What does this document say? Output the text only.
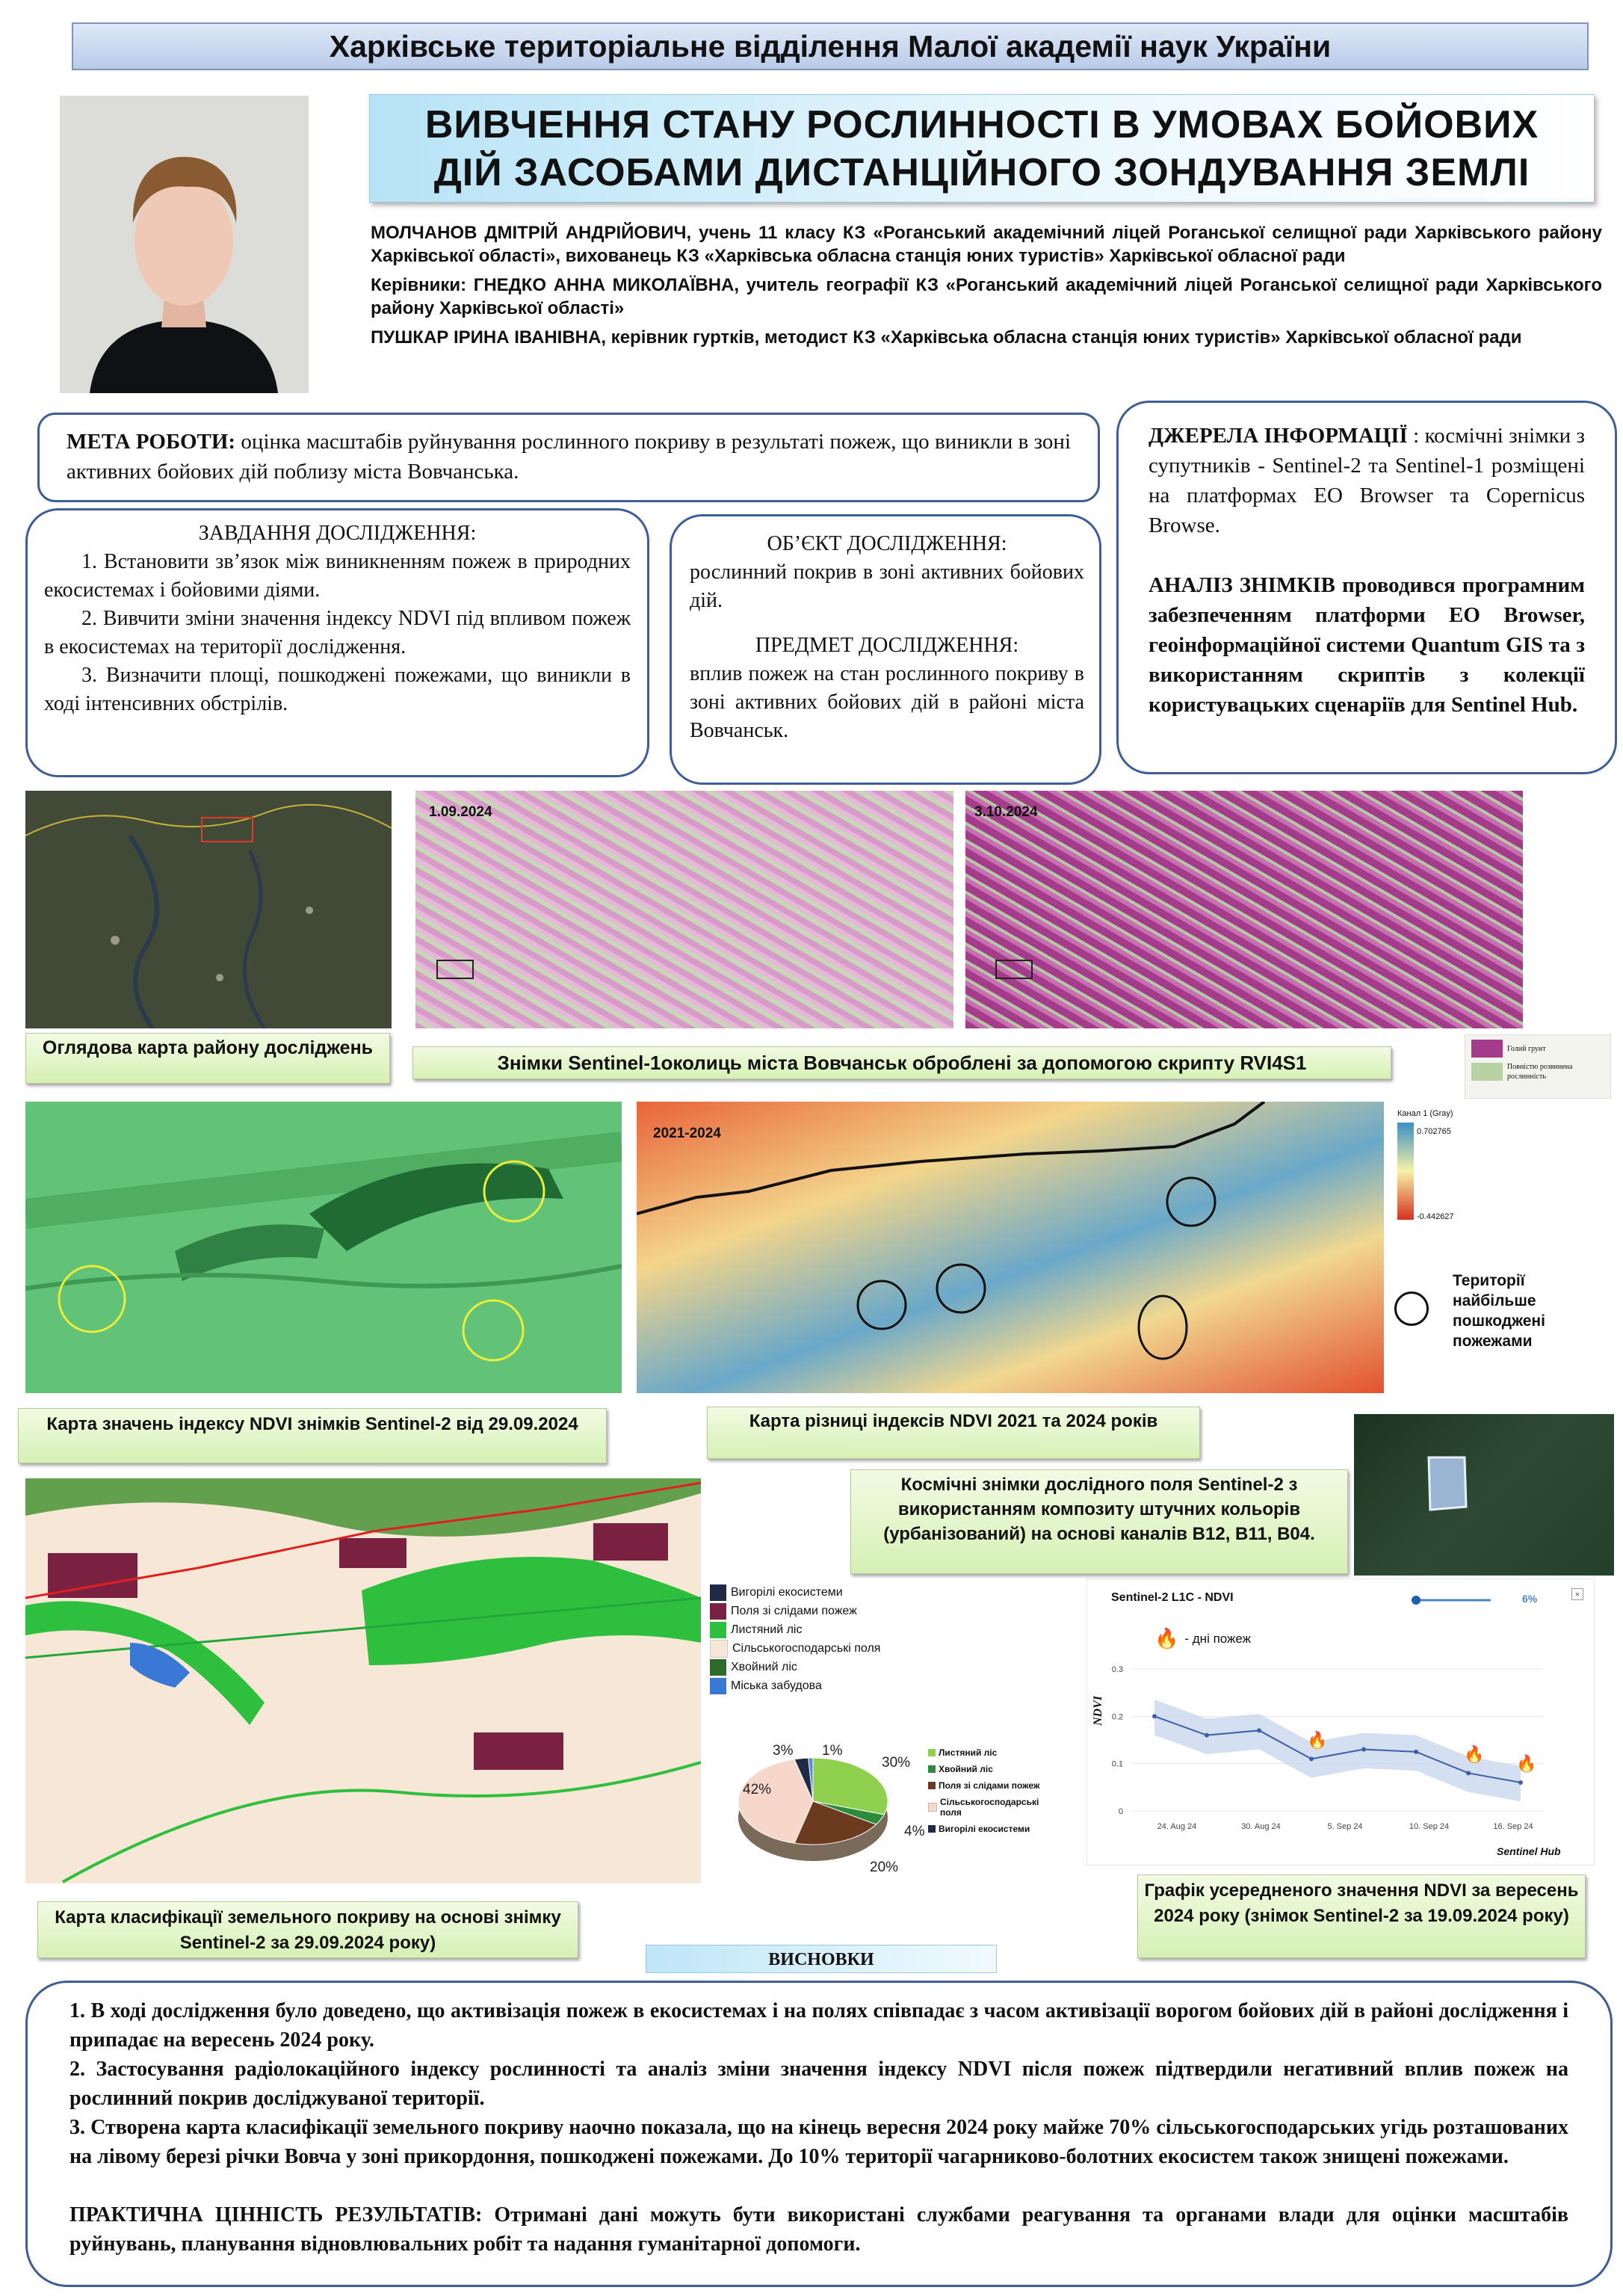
Харківське територіальне відділення Малої академії наук України
ВИВЧЕННЯ СТАНУ РОСЛИННОСТІ В УМОВАХ БОЙОВИХ
ДІЙ ЗАСОБАМИ ДИСТАНЦІЙНОГО ЗОНДУВАННЯ ЗЕМЛІ
МОЛЧАНОВ ДМІТРІЙ АНДРІЙОВИЧ, учень 11 класу КЗ «Роганський академічний ліцей Роганської селищної ради Харківського району Харківської області», вихованець КЗ «Харківська обласна станція юних туристів» Харківської обласної ради
Керівники: ГНЕДКО АННА МИКОЛАЇВНА, учитель географії КЗ «Роганський академічний ліцей Роганської селищної ради Харківського району Харківської області»
ПУШКАР ІРИНА ІВАНІВНА, керівник гуртків, методист КЗ «Харківська обласна станція юних туристів» Харківської обласної ради
МЕТА РОБОТИ: оцінка масштабів руйнування рослинного покриву в результаті пожеж, що виникли в зоні активних бойових дій поблизу міста Вовчанська.
ДЖЕРЕЛА ІНФОРМАЦІЇ : космічні знімки з супутників - Sentinel-2 та Sentinel-1 розміщені на платформах EO Browser та Copernicus Browse.
АНАЛІЗ ЗНІМКІВ проводився програмним забезпеченням платформи EO Browser, геоінформаційної системи Quantum GIS та з використанням скриптів з колекції користувацьких сценаріїв для Sentinel Hub.
ЗАВДАННЯ ДОСЛІДЖЕННЯ:
1. Встановити зв’язок між виникненням пожеж в природних екосистемах і бойовими діями.
2. Вивчити зміни значення індексу NDVI під впливом пожеж в екосистемах на території дослідження.
3. Визначити площі, пошкоджені пожежами, що виникли в ході інтенсивних обстрілів.
ОБ’ЄКТ ДОСЛІДЖЕННЯ:
рослинний покрив в зоні активних бойових дій.
ПРЕДМЕТ ДОСЛІДЖЕННЯ:
вплив пожеж на стан рослинного покриву в зоні активних бойових дій в районі міста Вовчанськ.
1.09.2024	3.10.2024
Оглядова карта району досліджень
Знімки Sentinel-1околиць міста Вовчанськ оброблені за допомогою скрипту RVI4S1
Голий грунт
Повністю розвинена рослинність
2021-2024
Канал 1 (Gray)
0.702765
-0.442627
Території найбільше пошкоджені пожежами
Карта значень індексу NDVI знімків Sentinel-2 від 29.09.2024	Карта різниці індексів NDVI 2021 та 2024 років
Космічні знімки дослідного поля Sentinel-2 з використанням композиту штучних кольорів (урбанізований) на основі каналів B12, B11, B04.
Вигорілі екосистеми
Поля зі слідами пожеж
Листяний ліс
Сільськогосподарські поля
Хвойний ліс
Міська забудова
3% 1%
30%
42%
4%
20%
Листяний ліс
Хвойний ліс
Поля зі слідами пожеж
Сільськогосподарські поля
Вигорілі екосистеми
0.3
0.2
0.1
0
🔥
🔥
🔥
24. Aug 24	30. Aug 24	5. Sep 24	10. Sep 24	16. Sep 24
Sentinel-2 L1C - NDVI	6%	×
🔥 - дні пожеж
NDVI
Sentinel Hub
Карта класифікації земельного покриву на основі знімку Sentinel-2 за 29.09.2024 року)
Графік усередненого значення NDVI за вересень 2024 року (знімок Sentinel-2 за 19.09.2024 року)
ВИСНОВКИ
1. В ході дослідження було доведено, що активізація пожеж в екосистемах і на полях співпадає з часом активізації ворогом бойових дій в районі дослідження і припадає на вересень 2024 року.
2. Застосування радіолокаційного індексу рослинності та аналіз зміни значення індексу NDVI після пожеж підтвердили негативний вплив пожеж на рослинний покрив досліджуваної території.
3. Створена карта класифікації земельного покриву наочно показала, що на кінець вересня 2024 року майже 70% сільськогосподарських угідь розташованих на лівому березі річки Вовча у зоні прикордоння, пошкоджені пожежами. До 10% території чагарниково-болотних екосистем також знищені пожежами.
ПРАКТИЧНА ЦІННІСТЬ РЕЗУЛЬТАТІВ: Отримані дані можуть бути використані службами реагування та органами влади для оцінки масштабів руйнувань, планування відновлювальних робіт та надання гуманітарної допомоги.
